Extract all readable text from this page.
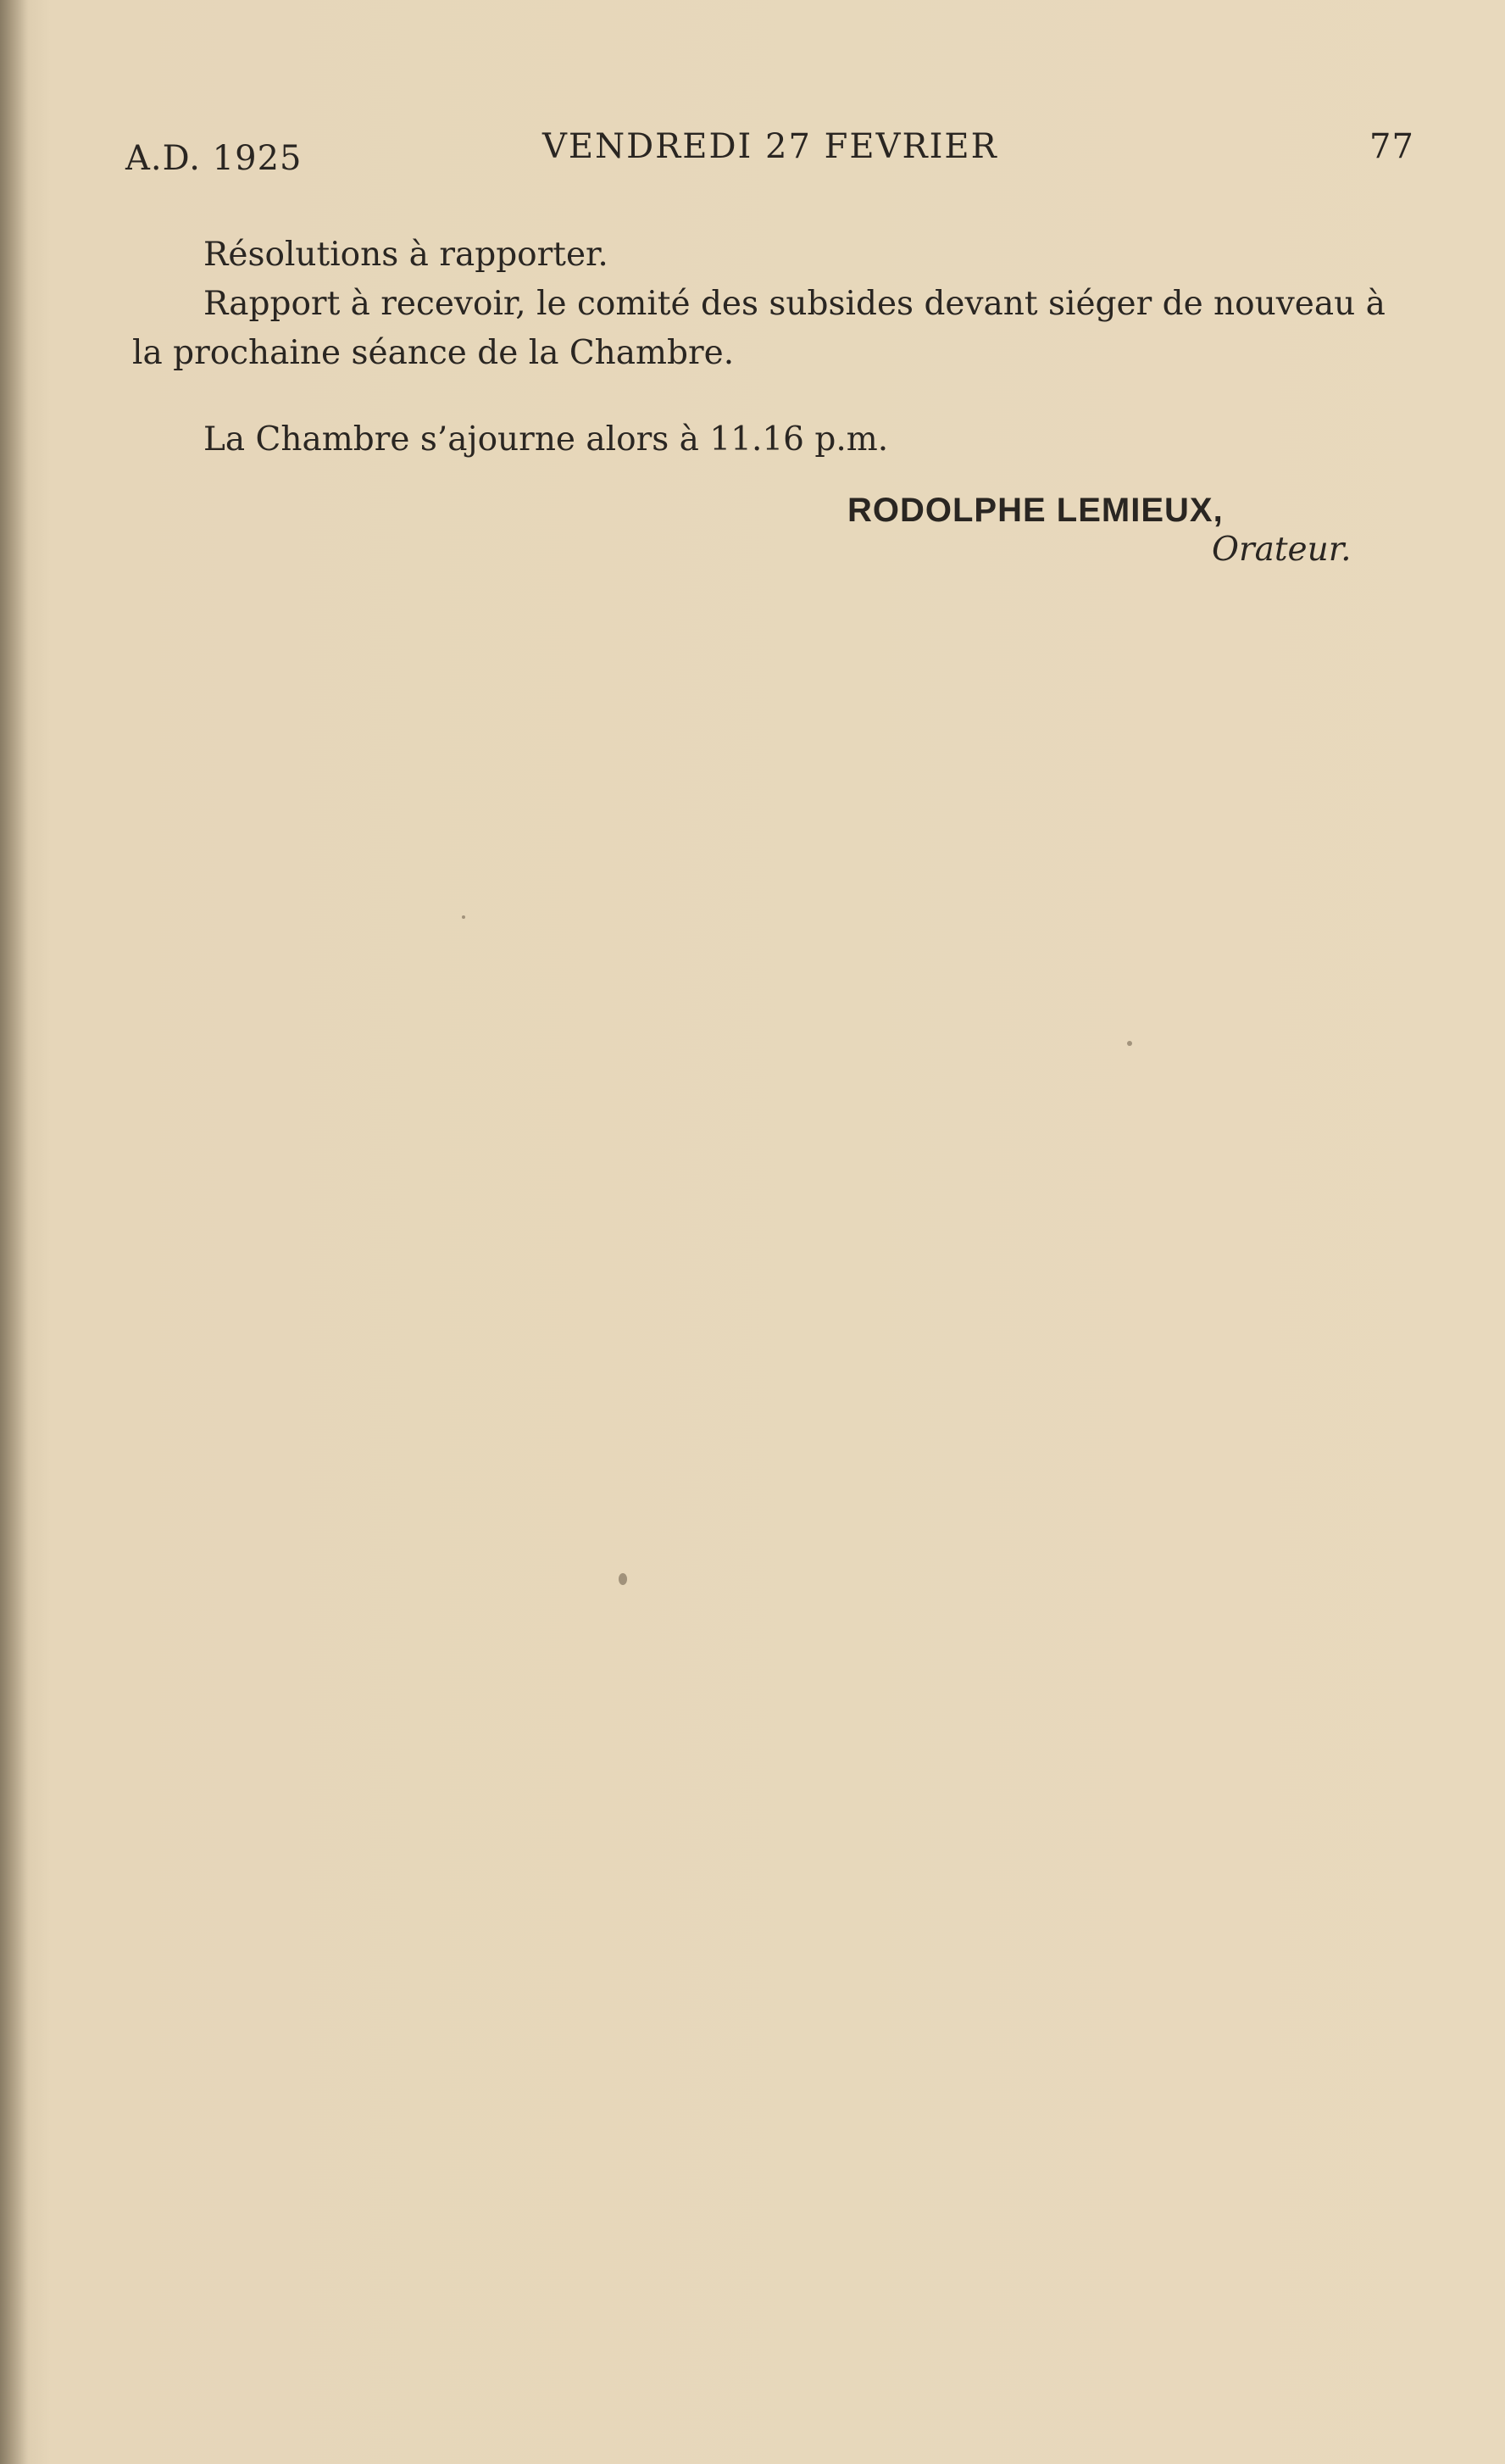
A.D. 1925	VENDREDI 27 FEVRIER	77
Résolutions à rapporter.
Rapport à recevoir, le comité des subsides devant siéger de nouveau à la prochaine séance de la Chambre.
La Chambre s’ajourne alors à 11.16 p.m.
RODOLPHE LEMIEUX,
Orateur.
